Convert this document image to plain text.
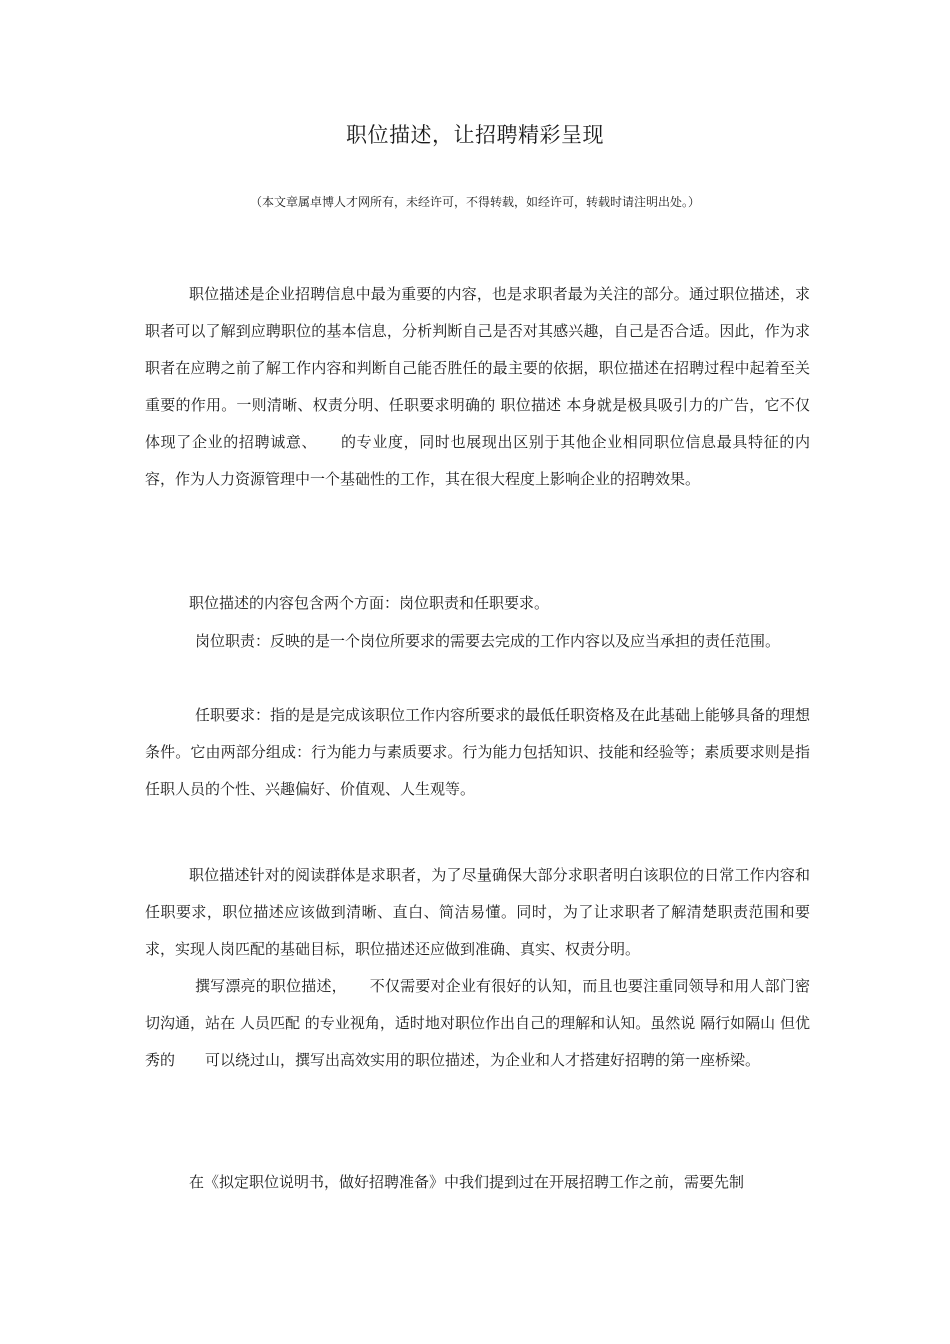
职位描述，让招聘精彩呈现
（本文章属卓博人才网所有，未经许可，不得转载，如经许可，转载时请注明出处。）
职位描述是企业招聘信息中最为重要的内容，也是求职者最为关注的部分。通过职位描述，求职者可以了解到应聘职位的基本信息，分析判断自己是否对其感兴趣，自己是否合适。因此，作为求职者在应聘之前了解工作内容和判断自己能否胜任的最主要的依据，职位描述在招聘过程中起着至关重要的作用。一则清晰、权责分明、任职要求明确的 职位描述 本身就是极具吸引力的广告，它不仅体现了企业的招聘诚意、　　的专业度，同时也展现出区别于其他企业相同职位信息最具特征的内容，作为人力资源管理中一个基础性的工作，其在很大程度上影响企业的招聘效果。
职位描述的内容包含两个方面：岗位职责和任职要求。
岗位职责：反映的是一个岗位所要求的需要去完成的工作内容以及应当承担的责任范围。
任职要求：指的是是完成该职位工作内容所要求的最低任职资格及在此基础上能够具备的理想条件。它由两部分组成：行为能力与素质要求。行为能力包括知识、技能和经验等；素质要求则是指任职人员的个性、兴趣偏好、价值观、人生观等。
职位描述针对的阅读群体是求职者，为了尽量确保大部分求职者明白该职位的日常工作内容和任职要求，职位描述应该做到清晰、直白、简洁易懂。同时，为了让求职者了解清楚职责范围和要求，实现人岗匹配的基础目标，职位描述还应做到准确、真实、权责分明。
撰写漂亮的职位描述，　　不仅需要对企业有很好的认知，而且也要注重同领导和用人部门密切沟通，站在 人员匹配 的专业视角，适时地对职位作出自己的理解和认知。虽然说 隔行如隔山 但优秀的　　可以绕过山，撰写出高效实用的职位描述，为企业和人才搭建好招聘的第一座桥梁。
在《拟定职位说明书，做好招聘准备》中我们提到过在开展招聘工作之前，需要先制
